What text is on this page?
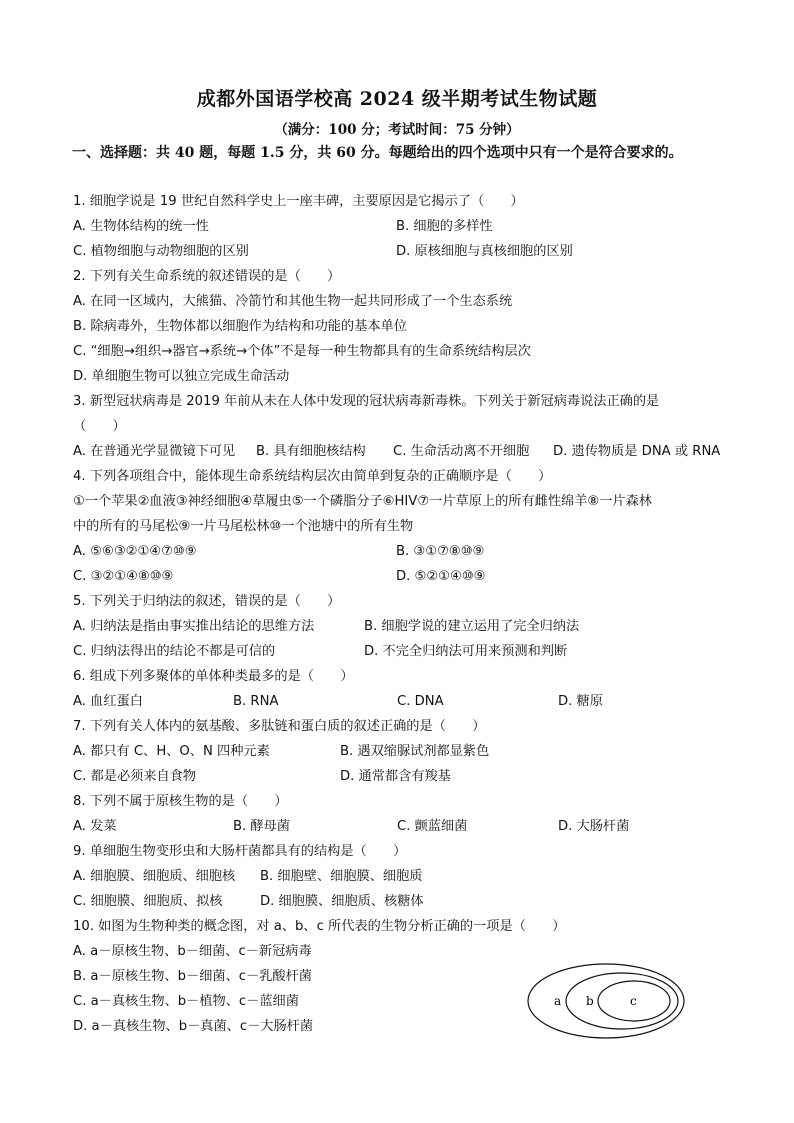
成都外国语学校高 2024 级半期考试生物试题
（满分：100 分；考试时间：75 分钟）
一、选择题：共 40 题，每题 1.5 分，共 60 分。每题给出的四个选项中只有一个是符合要求的。
1. 细胞学说是 19 世纪自然科学史上一座丰碑，主要原因是它揭示了（　　）
A. 生物体结构的统一性	B. 细胞的多样性
C. 植物细胞与动物细胞的区别	D. 原核细胞与真核细胞的区别
2. 下列有关生命系统的叙述错误的是（　　）
A. 在同一区域内，大熊猫、冷箭竹和其他生物一起共同形成了一个生态系统
B. 除病毒外，生物体都以细胞作为结构和功能的基本单位
C. “细胞→组织→器官→系统→个体”不是每一种生物都具有的生命系统结构层次
D. 单细胞生物可以独立完成生命活动
3. 新型冠状病毒是 2019 年前从未在人体中发现的冠状病毒新毒株。下列关于新冠病毒说法正确的是
（　　）
A. 在普通光学显微镜下可见 B. 具有细胞核结构 C. 生命活动离不开细胞 D. 遗传物质是 DNA 或 RNA
4. 下列各项组合中，能体现生命系统结构层次由简单到复杂的正确顺序是（　　）
①一个苹果②血液③神经细胞④草履虫⑤一个磷脂分子⑥HIV⑦一片草原上的所有雌性绵羊⑧一片森林
中的所有的马尾松⑨一片马尾松林⑩一个池塘中的所有生物
A. ⑤⑥③②①④⑦⑩⑨	B. ③①⑦⑧⑩⑨
C. ③②①④⑧⑩⑨	D. ⑤②①④⑩⑨
5. 下列关于归纳法的叙述，错误的是（　　）
A. 归纳法是指由事实推出结论的思维方法	B. 细胞学说的建立运用了完全归纳法
C. 归纳法得出的结论不都是可信的	D. 不完全归纳法可用来预测和判断
6. 组成下列多聚体的单体种类最多的是（　　）
A. 血红蛋白	B. RNA	C. DNA	D. 糖原
7. 下列有关人体内的氨基酸、多肽链和蛋白质的叙述正确的是（　　）
A. 都只有 C、H、O、N 四种元素	B. 遇双缩脲试剂都显紫色
C. 都是必须来自食物	D. 通常都含有羧基
8. 下列不属于原核生物的是（　　）
A. 发菜	B. 酵母菌	C. 颤蓝细菌	D. 大肠杆菌
9. 单细胞生物变形虫和大肠杆菌都具有的结构是（　　）
A. 细胞膜、细胞质、细胞核 B. 细胞壁、细胞膜、细胞质
C. 细胞膜、细胞质、拟核	D. 细胞膜、细胞质、核糖体
10. 如图为生物种类的概念图，对 a、b、c 所代表的生物分析正确的一项是（　　）
A. a－原核生物、b－细菌、c－新冠病毒
B. a－原核生物、b－细菌、c－乳酸杆菌
C. a－真核生物、b－植物、c－蓝细菌
D. a－真核生物、b－真菌、c－大肠杆菌
a b	c
